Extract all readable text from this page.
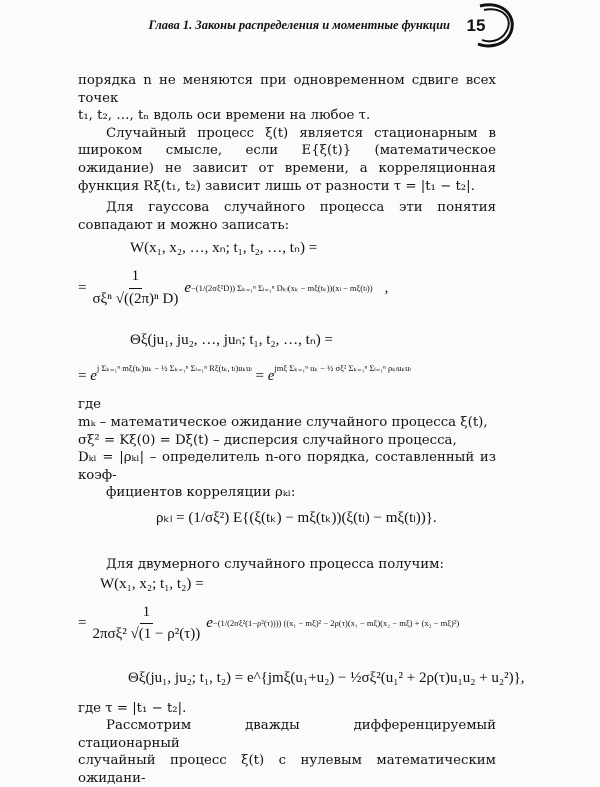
Глава 1. Законы распределения и моментные функции 15

порядка n не меняются при одновременном сдвиге всех точек

t₁, t₂, …, tₙ вдоль оси времени на любое τ.

Случайный процесс ξ(t) является стационарным в широком смысле, если E{ξ(t)} (математическое ожидание) не зависит от времени, а корреляционная функция Rξ(t₁, t₂) зависит лишь от разности τ = |t₁ − t₂|.

Для гауссова случайного процесса эти понятия совпадают и можно записать:

W(x₁, x₂, …, xₙ; t₁, t₂, …, tₙ) =
= $\frac{1}{\text{σξⁿ √((2π)ⁿ D)}}$ e −(1/(2σξ²D)) Σₖ₌₁ⁿ Σₗ₌₁ⁿ Dₖₗ(xₖ − mξ(tₖ))(xₗ − mξ(tₗ)) ,
Θξ(ju₁, ju₂, …, juₙ; t₁, t₂, …, tₙ) =
= $e^{j \Sigma_{k=1}^n m\xi(t_k)u_k - \frac{1}{2} \Sigma_{k=1}^n \Sigma_{l=1}^n R\xi(t_k, t_l)u_ku_l} = e^{jm\xi \Sigma_{k=1}^n u_k - \frac{1}{2} \sigma\xi^2 \Sigma_{k=1}^n \Sigma_{l=1}^n \rho_{kl}u_ku_l}$

где

mₖ – математическое ожидание случайного процесса ξ(t),

σξ² = Kξ(0) = Dξ(t) – дисперсия случайного процесса,

Dₖₗ = |ρₖₗ| – определитель n-ого порядка, составленный из коэф-

фициентов корреляции ρₖₗ:

ρₖₗ = (1/σξ²) E{(ξ(tₖ) − mξ(tₖ))(ξ(tₗ) − mξ(tₗ))}.

Для двумерного случайного процесса получим:

W(x₁, x₂; t₁, t₂) =
= $\frac{1}{\text{2πσξ² √(1 − ρ²(τ))}}$ e −(1/(2σξ²(1−ρ²(τ)))) ((x₁ − mξ)² − 2ρ(τ)(x₁ − mξ)(x₂ − mξ) + (x₂ − mξ)²)
Θξ(ju₁, ju₂; t₁, t₂) = e^{jmξ(u₁+u₂) − ½σξ²(u₁² + 2ρ(τ)u₁u₂ + u₂²)},

где τ = |t₁ − t₂|.

Рассмотрим дважды дифференцируемый стационарный

случайный процесс ξ(t) с нулевым математическим ожидани-
